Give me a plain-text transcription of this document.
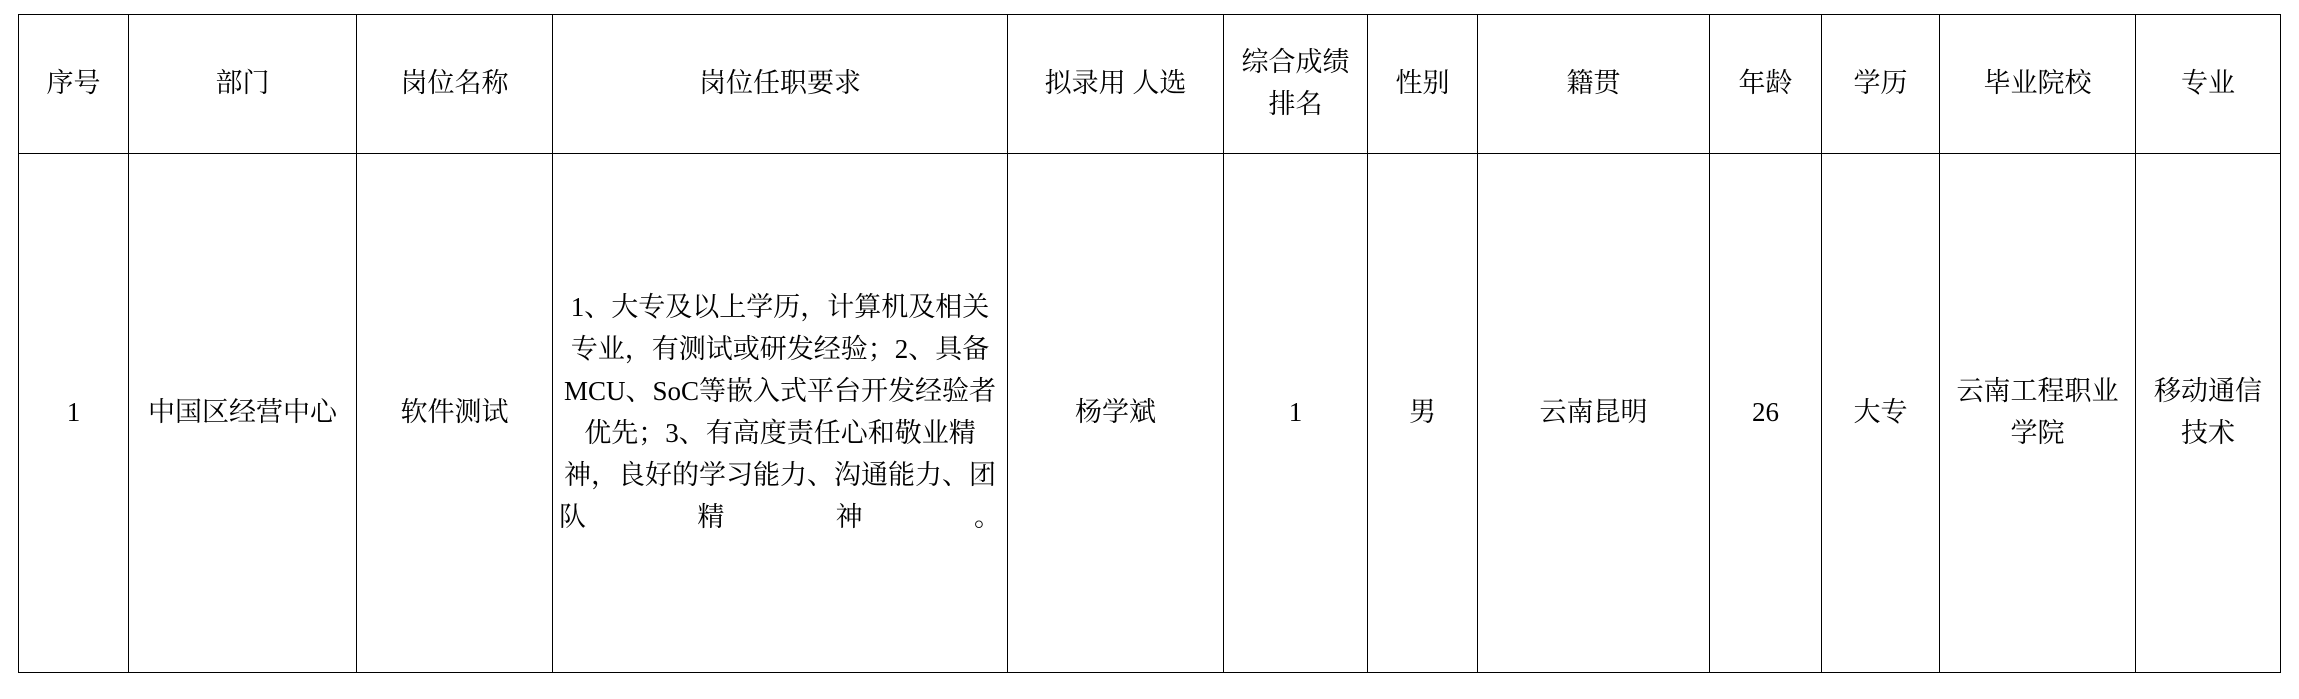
序号	部门	岗位名称	岗位任职要求	拟录用 人选	综合成绩排名	性别	籍贯	年龄	学历	毕业院校	专业
1	中国区经营中心	软件测试	1、大专及以上学历，计算机及相关专业，有测试或研发经验；2、具备MCU、SoC等嵌入式平台开发经验者优先；3、有高度责任心和敬业精神，良好的学习能力、沟通能力、团队精神。	杨学斌	1	男	云南昆明	26	大专	云南工程职业学院	移动通信技术
